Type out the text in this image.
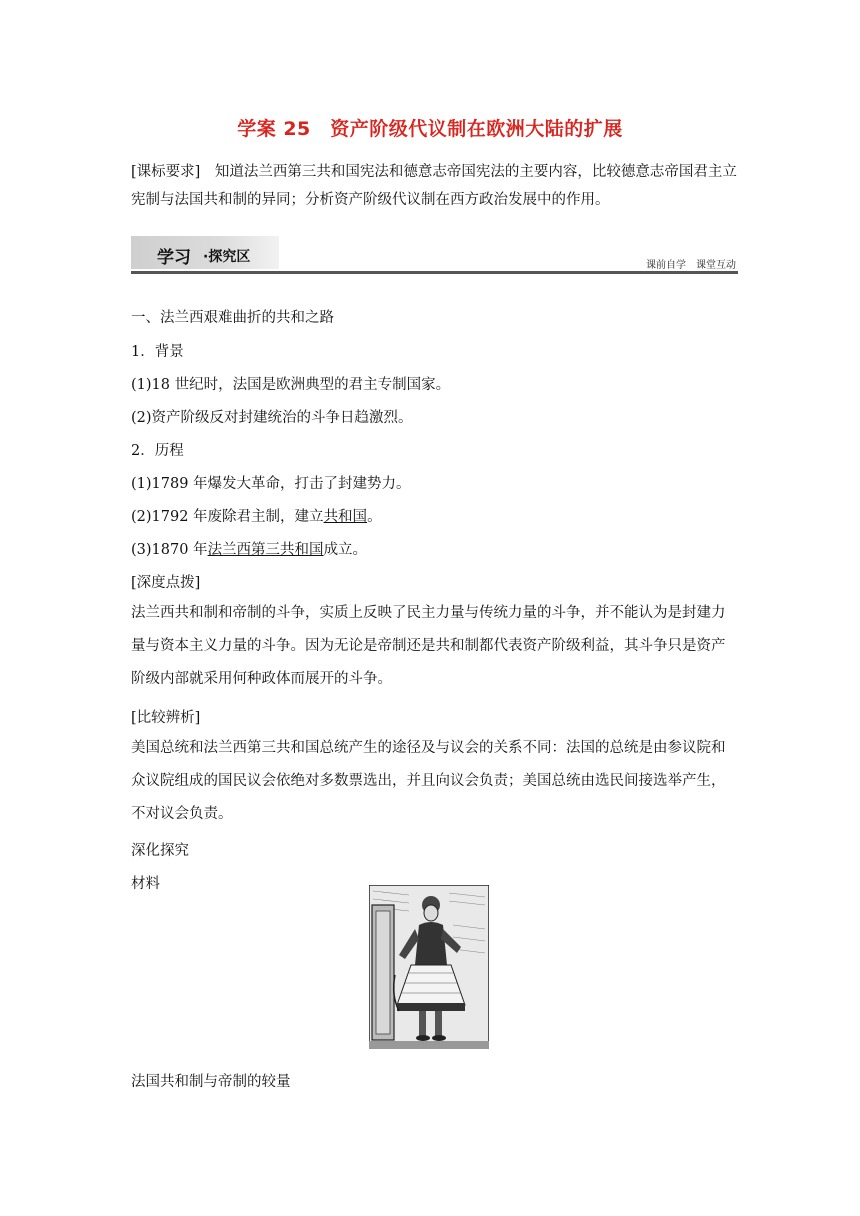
学案 25　资产阶级代议制在欧洲大陆的扩展
[课标要求]　 知道法兰西第三共和国宪法和德意志帝国宪法的主要内容，比较德意志帝国君主立宪制与法国共和制的异同；分析资产阶级代议制在西方政治发展中的作用。
学习 ·探究区
课前自学　课堂互动
一、法兰西艰难曲折的共和之路
1．背景
(1)18 世纪时，法国是欧洲典型的君主专制国家。
(2)资产阶级反对封建统治的斗争日趋激烈。
2．历程
(1)1789 年爆发大革命，打击了封建势力。
(2)1792 年废除君主制，建立共和国。
(3)1870 年法兰西第三共和国成立。
[深度点拨]
法兰西共和制和帝制的斗争，实质上反映了民主力量与传统力量的斗争，并不能认为是封建力量与资本主义力量的斗争。因为无论是帝制还是共和制都代表资产阶级利益，其斗争只是资产阶级内部就采用何种政体而展开的斗争。
[比较辨析]
美国总统和法兰西第三共和国总统产生的途径及与议会的关系不同：法国的总统是由参议院和众议院组成的国民议会依绝对多数票选出，并且向议会负责；美国总统由选民间接选举产生，不对议会负责。
深化探究
材料
法国共和制与帝制的较量
